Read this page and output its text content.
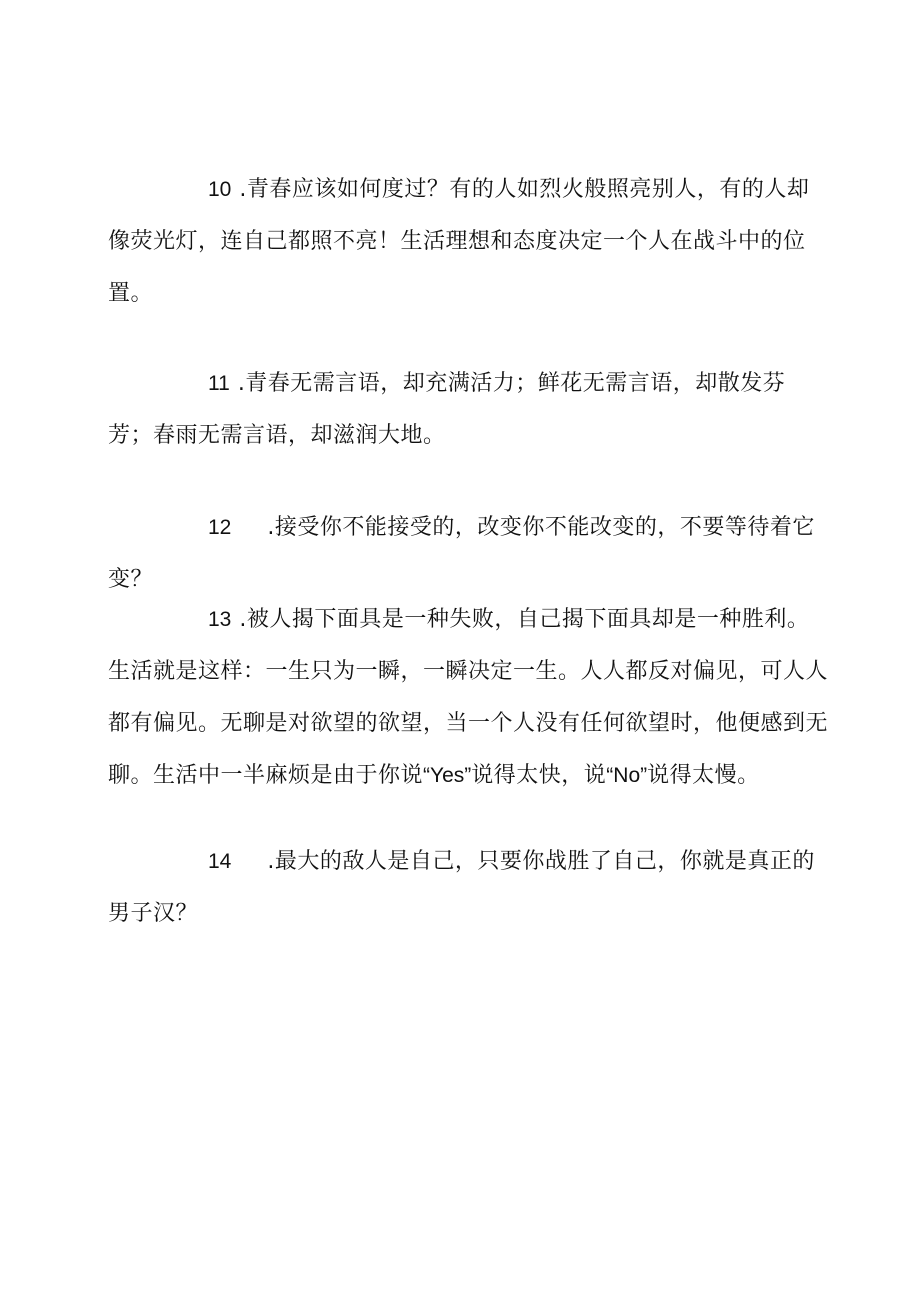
10 .青春应该如何度过？有的人如烈火般照亮别人，有的人却像荧光灯，连自己都照不亮！生活理想和态度决定一个人在战斗中的位置。

11 .青春无需言语，却充满活力；鲜花无需言语，却散发芬芳；春雨无需言语，却滋润大地。

12 .接受你不能接受的，改变你不能改变的，不要等待着它变？

13 .被人揭下面具是一种失败，自己揭下面具却是一种胜利。生活就是这样：一生只为一瞬，一瞬决定一生。人人都反对偏见，可人人都有偏见。无聊是对欲望的欲望，当一个人没有任何欲望时，他便感到无聊。生活中一半麻烦是由于你说“Yes”说得太快，说“No”说得太慢。

14 .最大的敌人是自己，只要你战胜了自己，你就是真正的男子汉？
